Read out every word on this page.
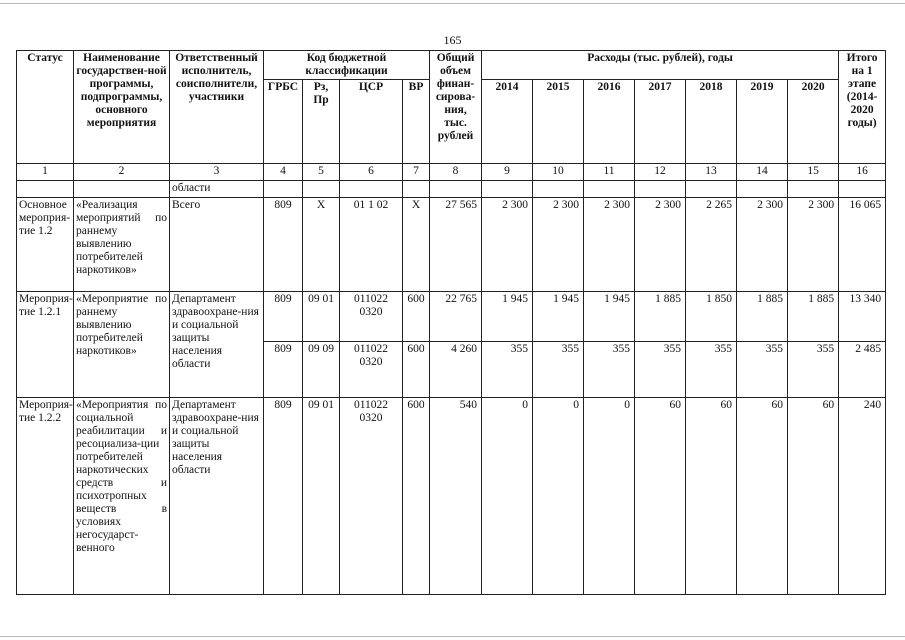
165
Статус	Наименование государствен-ной программы, подпрограммы, основного мероприятия	Ответственный исполнитель, соисполнители, участники	Код бюджетной классификации				Общий объем финан-сирова-ния, тыс. рублей	Расходы (тыс. рублей), годы							Итого на 1 этапе (2014-2020 годы)
			ГРБС	Рз, Пр	ЦСР	ВР		2014	2015	2016	2017	2018	2019	2020	
1	2	3	4	5	6	7	8	9	10	11	12	13	14	15	16
		области													
Основное мероприя-тие 1.2	«Реализация мероприятий по раннему выявлению потребителей наркотиков»	Всего	809	Х	01 1 02	Х	27 565	2 300	2 300	2 300	2 300	2 265	2 300	2 300	16 065
Мероприя-тие 1.2.1	«Мероприятие по раннему выявлению потребителей наркотиков»	Департамент здравоохране-ния и социальной защиты населения области	809	09 01	011022 0320	600	22 765	1 945	1 945	1 945	1 885	1 850	1 885	1 885	13 340
			809	09 09	011022 0320	600	4 260	355	355	355	355	355	355	355	2 485
Мероприя-тие 1.2.2	«Мероприятия по социальной реабилитации и ресоциализа-ции потребителей наркотических средств и психотропных веществ в условиях негосударст-венного	Департамент здравоохране-ния и социальной защиты населения области	809	09 01	011022 0320	600	540	0	0	0	60	60	60	60	240
